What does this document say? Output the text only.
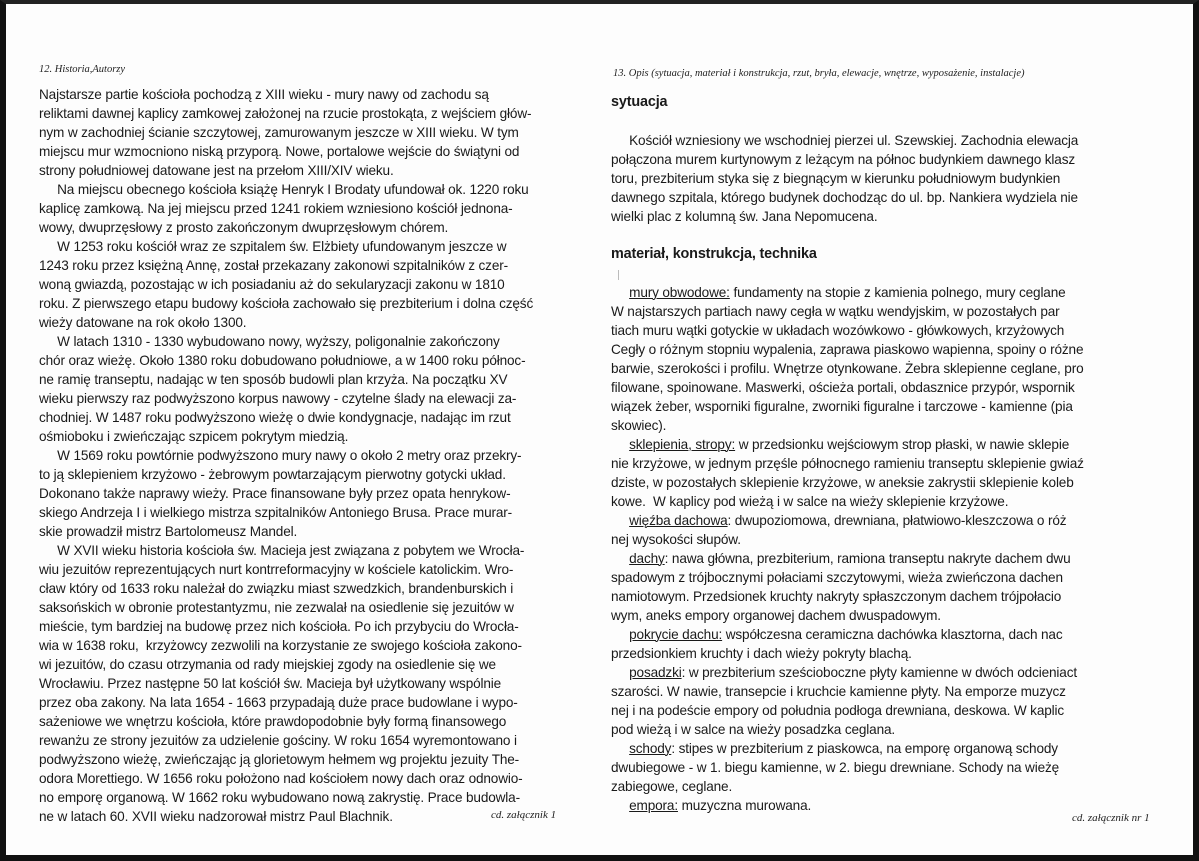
12. Historia,Autorzy
Najstarsze partie kościoła pochodzą z XIII wieku - mury nawy od zachodu są
reliktami dawnej kaplicy zamkowej założonej na rzucie prostokąta, z wejściem głów-
nym w zachodniej ścianie szczytowej, zamurowanym jeszcze w XIII wieku. W tym
miejscu mur wzmocniono niską przyporą. Nowe, portalowe wejście do świątyni od
strony południowej datowane jest na przełom XIII/XIV wieku.
Na miejscu obecnego kościoła książę Henryk I Brodaty ufundował ok. 1220 roku
kaplicę zamkową. Na jej miejscu przed 1241 rokiem wzniesiono kościół jednona-
wowy, dwuprzęsłowy z prosto zakończonym dwuprzęsłowym chórem.
W 1253 roku kościół wraz ze szpitalem św. Elżbiety ufundowanym jeszcze w
1243 roku przez księżną Annę, został przekazany zakonowi szpitalników z czer-
woną gwiazdą, pozostając w ich posiadaniu aż do sekularyzacji zakonu w 1810
roku. Z pierwszego etapu budowy kościoła zachowało się prezbiterium i dolna część
wieży datowane na rok około 1300.
W latach 1310 - 1330 wybudowano nowy, wyższy, poligonalnie zakończony
chór oraz wieżę. Około 1380 roku dobudowano południowe, a w 1400 roku północ-
ne ramię transeptu, nadając w ten sposób budowli plan krzyża. Na początku XV
wieku pierwszy raz podwyższono korpus nawowy - czytelne ślady na elewacji za-
chodniej. W 1487 roku podwyższono wieżę o dwie kondygnacje, nadając im rzut
ośmioboku i zwieńczając szpicem pokrytym miedzią.
W 1569 roku powtórnie podwyższono mury nawy o około 2 metry oraz przekry-
to ją sklepieniem krzyżowo - żebrowym powtarzającym pierwotny gotycki układ.
Dokonano także naprawy wieży. Prace finansowane były przez opata henrykow-
skiego Andrzeja I i wielkiego mistrza szpitalników Antoniego Brusa. Prace murar-
skie prowadził mistrz Bartolomeusz Mandel.
W XVII wieku historia kościoła św. Macieja jest związana z pobytem we Wrocła-
wiu jezuitów reprezentujących nurt kontrreformacyjny w kościele katolickim. Wro-
cław który od 1633 roku należał do związku miast szwedzkich, brandenburskich i
saksońskich w obronie protestantyzmu, nie zezwalał na osiedlenie się jezuitów w
mieście, tym bardziej na budowę przez nich kościoła. Po ich przybyciu do Wrocła-
wia w 1638 roku,  krzyżowcy zezwolili na korzystanie ze swojego kościoła zakono-
wi jezuitów, do czasu otrzymania od rady miejskiej zgody na osiedlenie się we
Wrocławiu. Przez następne 50 lat kościół św. Macieja był użytkowany wspólnie
przez oba zakony. Na lata 1654 - 1663 przypadają duże prace budowlane i wypo-
sażeniowe we wnętrzu kościoła, które prawdopodobnie były formą finansowego
rewanżu ze strony jezuitów za udzielenie gościny. W roku 1654 wyremontowano i
podwyższono wieżę, zwieńczając ją glorietowym hełmem wg projektu jezuity The-
odora Morettiego. W 1656 roku położono nad kościołem nowy dach oraz odnowio-
no emporę organową. W 1662 roku wybudowano nową zakrystię. Prace budowla-
ne w latach 60. XVII wieku nadzorował mistrz Paul Blachnik.	cd. załącznik 1
13. Opis (sytuacja, materiał i konstrukcja, rzut, bryła, elewacje, wnętrze, wyposażenie, instalacje)
sytuacja
Kościół wzniesiony we wschodniej pierzei ul. Szewskiej. Zachodnia elewacja
połączona murem kurtynowym z leżącym na północ budynkiem dawnego klasz
toru, prezbiterium styka się z biegnącym w kierunku południowym budynkien
dawnego szpitala, którego budynek dochodząc do ul. bp. Nankiera wydziela nie
wielki plac z kolumną św. Jana Nepomucena.
materiał, konstrukcja, technika
mury obwodowe: fundamenty na stopie z kamienia polnego, mury ceglane
W najstarszych partiach nawy cegła w wątku wendyjskim, w pozostałych par
tiach muru wątki gotyckie w układach wozówkowo - główkowych, krzyżowych
Cegły o różnym stopniu wypalenia, zaprawa piaskowo wapienna, spoiny o różne
barwie, szerokości i profilu. Wnętrze otynkowane. Żebra sklepienne ceglane, pro
filowane, spoinowane. Maswerki, ościeża portali, obdasznice przypór, wspornik
wiązek żeber, wsporniki figuralne, zworniki figuralne i tarczowe - kamienne (pia
skowiec).
sklepienia, stropy: w przedsionku wejściowym strop płaski, w nawie sklepie
nie krzyżowe, w jednym przęśle północnego ramieniu transeptu sklepienie gwiaź
dziste, w pozostałych sklepienie krzyżowe, w aneksie zakrystii sklepienie koleb
kowe.  W kaplicy pod wieżą i w salce na wieży sklepienie krzyżowe.
więźba dachowa: dwupoziomowa, drewniana, płatwiowo-kleszczowa o róż
nej wysokości słupów.
dachy: nawa główna, prezbiterium, ramiona transeptu nakryte dachem dwu
spadowym z trójbocznymi połaciami szczytowymi, wieża zwieńczona dachen
namiotowym. Przedsionek kruchty nakryty spłaszczonym dachem trójpołacio
wym, aneks empory organowej dachem dwuspadowym.
pokrycie dachu: współczesna ceramiczna dachówka klasztorna, dach nac
przedsionkiem kruchty i dach wieży pokryty blachą.
posadzki: w prezbiterium sześcioboczne płyty kamienne w dwóch odcieniact
szarości. W nawie, transepcie i kruchcie kamienne płyty. Na emporze muzycz
nej i na podeście empory od południa podłoga drewniana, deskowa. W kaplic
pod wieżą i w salce na wieży posadzka ceglana.
schody: stipes w prezbiterium z piaskowca, na emporę organową schody
dwubiegowe - w 1. biegu kamienne, w 2. biegu drewniane. Schody na wieżę
zabiegowe, ceglane.
empora: muzyczna murowana.
cd. załącznik nr 1
